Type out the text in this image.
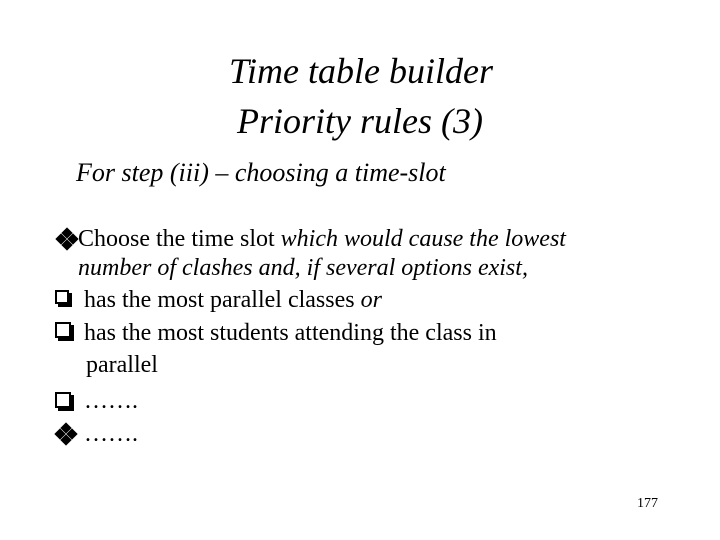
Time table builder
Priority rules (3)
For step (iii) – choosing a time-slot
Choose the time slot which would cause the lowest
number of clashes and, if several options exist,
has the most parallel classes or
has the most students attending the class in
parallel
…….
…….
177
